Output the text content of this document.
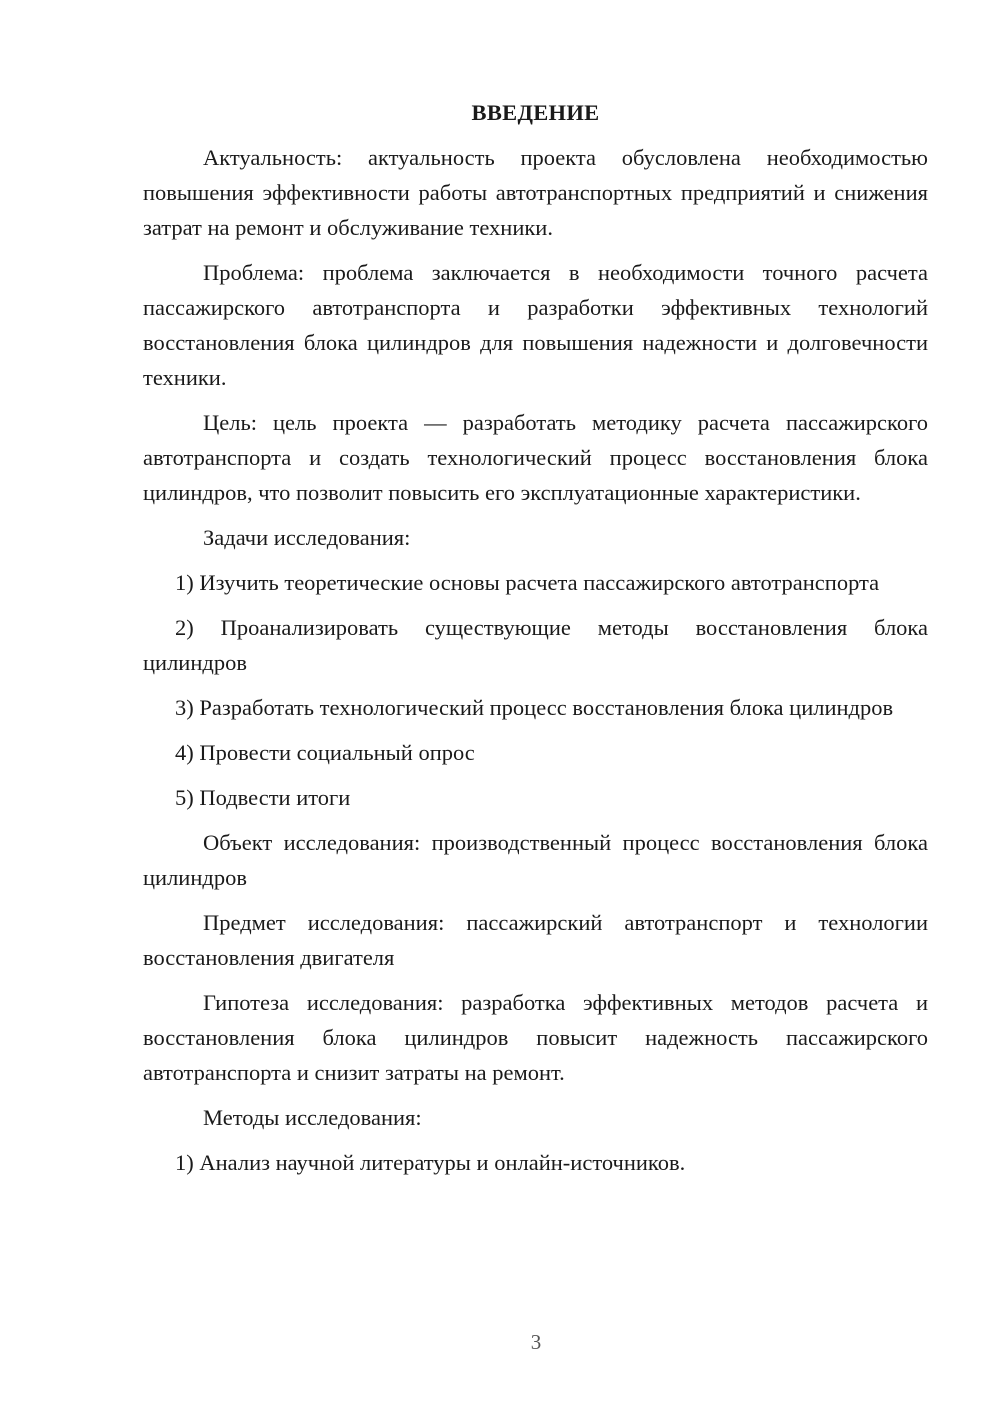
ВВЕДЕНИЕ

Актуальность: актуальность проекта обусловлена необходимостью повышения эффективности работы автотранспортных предприятий и снижения затрат на ремонт и обслуживание техники.

Проблема: проблема заключается в необходимости точного расчета пассажирского автотранспорта и разработки эффективных технологий восстановления блока цилиндров для повышения надежности и долговечности техники.

Цель: цель проекта — разработать методику расчета пассажирского автотранспорта и создать технологический процесс восстановления блока цилиндров, что позволит повысить его эксплуатационные характеристики.

Задачи исследования:

1) Изучить теоретические основы расчета пассажирского автотранспорта

2) Проанализировать существующие методы восстановления блока цилиндров

3) Разработать технологический процесс восстановления блока цилиндров

4) Провести социальный опрос

5) Подвести итоги

Объект исследования: производственный процесс восстановления блока цилиндров

Предмет исследования: пассажирский автотранспорт и технологии восстановления двигателя

Гипотеза исследования: разработка эффективных методов расчета и восстановления блока цилиндров повысит надежность пассажирского автотранспорта и снизит затраты на ремонт.

Методы исследования:

1) Анализ научной литературы и онлайн-источников.

3
